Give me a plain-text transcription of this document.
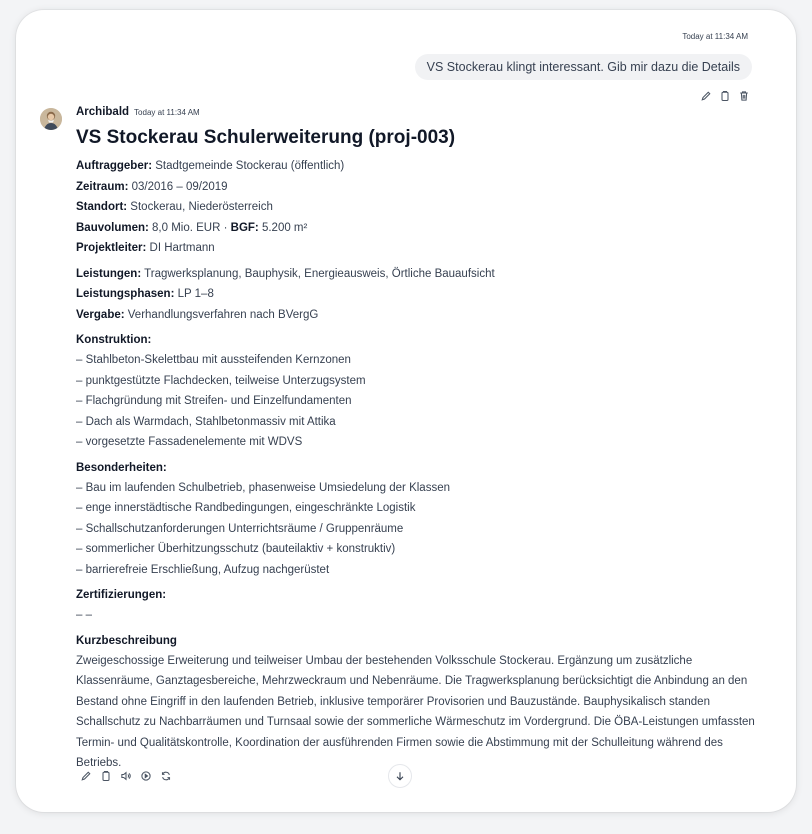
Today at 11:34 AM
VS Stockerau klingt interessant. Gib mir dazu die Details
Archibald Today at 11:34 AM
VS Stockerau Schulerweiterung (proj-003)
Auftraggeber: Stadtgemeinde Stockerau (öffentlich)
Zeitraum: 03/2016 – 09/2019
Standort: Stockerau, Niederösterreich
Bauvolumen: 8,0 Mio. EUR · BGF: 5.200 m²
Projektleiter: DI Hartmann
Leistungen: Tragwerksplanung, Bauphysik, Energieausweis, Örtliche Bauaufsicht
Leistungsphasen: LP 1–8
Vergabe: Verhandlungsverfahren nach BVergG
Konstruktion:
– Stahlbeton-Skelettbau mit aussteifenden Kernzonen
– punktgestützte Flachdecken, teilweise Unterzugsystem
– Flachgründung mit Streifen- und Einzelfundamenten
– Dach als Warmdach, Stahlbetonmassiv mit Attika
– vorgesetzte Fassadenelemente mit WDVS
Besonderheiten:
– Bau im laufenden Schulbetrieb, phasenweise Umsiedelung der Klassen
– enge innerstädtische Randbedingungen, eingeschränkte Logistik
– Schallschutzanforderungen Unterrichtsräume / Gruppenräume
– sommerlicher Überhitzungsschutz (bauteilaktiv + konstruktiv)
– barrierefreie Erschließung, Aufzug nachgerüstet
Zertifizierungen:
– –
Kurzbeschreibung
Zweigeschossige Erweiterung und teilweiser Umbau der bestehenden Volksschule Stockerau. Ergänzung um zusätzliche Klassenräume, Ganztagesbereiche, Mehrzweckraum und Nebenräume. Die Tragwerksplanung berücksichtigt die Anbindung an den Bestand ohne Eingriff in den laufenden Betrieb, inklusive temporärer Provisorien und Bauzustände. Bauphysikalisch standen Schallschutz zu Nachbarräumen und Turnsaal sowie der sommerliche Wärmeschutz im Vordergrund. Die ÖBA-Leistungen umfassten Termin- und Qualitätskontrolle, Koordination der ausführenden Firmen sowie die Abstimmung mit der Schulleitung während des Betriebs.
